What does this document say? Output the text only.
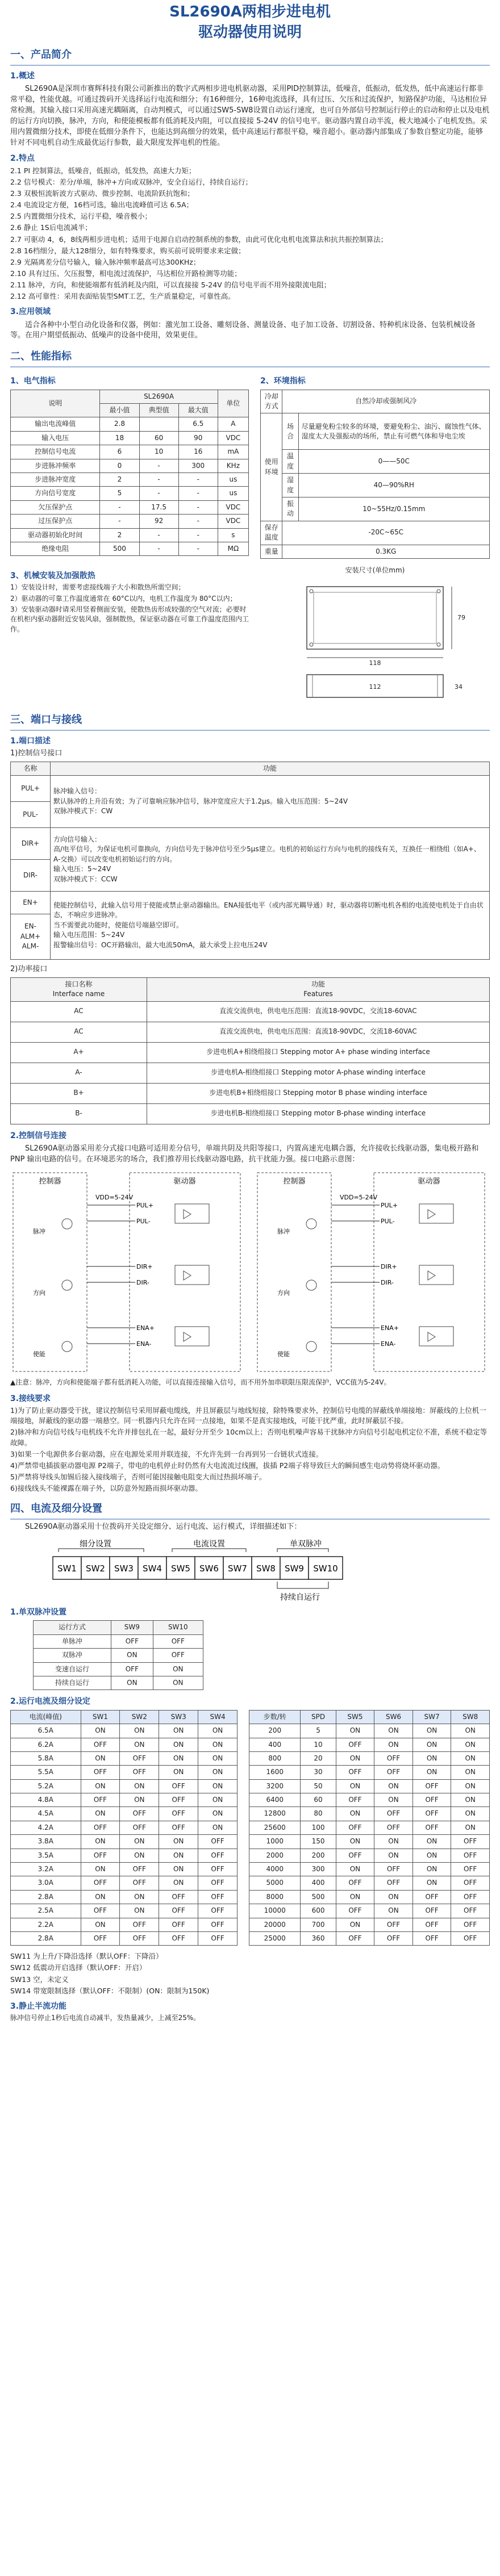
SL2690A两相步进电机
驱动器使用说明
一、产品简介
1.概述
SL2690A是深圳市赛辉科技有限公司新推出的数字式两相步进电机驱动器，采用PID控制算法，低噪音，低振动，低发热，低中高速运行都非常平稳，性能优越。可通过拨码开关选择运行电流和细分；有16种细分，16种电流选择，具有过压、欠压和过流保护，短路保护功能，马达相位异常检测。其输入接口采用高速光耦隔离，自动判模式，可以通过SW5-SW8设置自动运行速度，也可自外部信号控制运行停止的启动和停止以及电机的运行方向切换，脉冲，方向，和使能模板都有低消耗及内阻，可以直接接 5-24V 的信号电平。驱动器内置自动半流，极大地减小了电机发热。采用内置微细分技术，即使在低细分条件下，也能达到高细分的效果，低中高速运行都很平稳，噪音超小。驱动器内部集成了参数自整定功能，能够针对不同电机自动生成最优运行参数，最大限度发挥电机的性能。
2.特点
2.1 PI 控制算法，低噪音，低振动，低发热，高速大力矩；
2.2 信号模式：差分/单端，脉冲+方向或双脉冲，安全自运行，持续自运行；
2.3 双极恒流斩波方式驱动、微步控制、电流阶跃抗饱和；
2.4 电流设定方便，16档可选，输出电流峰值可达 6.5A；
2.5 内置微细分技术，运行平稳，噪音极小；
2.6 静止 1S后电流减半；
2.7 可驱动 4，6，8线两相步进电机；适用于电源自启动控制系统的参数，由此可优化电机电流算法和抗共振控制算法；
2.8 16档细分，最大128细分，如有特殊要求，购买前可说明要求来定做；
2.9 光隔离差分信号输入，输入脉冲频率最高可达300KHz；
2.10 具有过压、欠压报警，相电流过流保护，马达相位开路检测等功能；
2.11 脉冲，方向，和使能端都有低消耗及内阻，可以直接接 5-24V 的信号电平而不用外接限流电阻；
2.12 高可靠性：采用表面贴装型SMT工艺，生产质量稳定，可靠性高。
3.应用领域
适合各种中小型自动化设备和仪器，例如：激光加工设备、雕刻设备、测量设备、电子加工设备、切割设备、特种机床设备、包装机械设备等。在用户期望低振动、低噪声的设备中使用，效果更佳。
二、性能指标
1、电气指标
说明	SL2690A			单位
	最小值	典型值	最大值	
输出电流峰值	2.8		6.5	A
输入电压	18	60	90	VDC
控制信号电流	6	10	16	mA
步进脉冲频率	0	-	300	KHz
步进脉冲宽度	2	-	-	us
方向信号宽度	5	-	-	us
欠压保护点	-	17.5	-	VDC
过压保护点	-	92	-	VDC
驱动器初始化时间	2	-	-	s
绝缘电阻	500	-	-	MΩ
2、环境指标
冷却方式	自然冷却或强制风冷	
使用环境	场合	尽量避免粉尘较多的环境，要避免粉尘、油污、腐蚀性气体、湿度太大及强振动的场所，禁止有可燃气体和导电尘埃
	温度	0——50C
	湿度	40—90%RH
	振动	10~55Hz/0.15mm
保存温度	-20C~65C	
重量	0.3KG	
3、机械安装及加强散热
1）安装设计时，需要考虑接线端子大小和散热所需空间；
2）驱动器的可靠工作温度通常在 60°C以内，电机工作温度为 80°C以内；
3）安装驱动器时请采用竖着侧面安装，使散热齿形成较强的空气对流；必要时在机柜内驱动器附近安装风扇，强制散热，保证驱动器在可靠工作温度范围内工作。
安装尺寸(单位mm)
118
79
112	34
三、端口与接线
1.端口描述
1)控制信号接口
名称	功能
PUL+	脉冲输入信号：
默认脉冲的上升沿有效；为了可靠响应脉冲信号，脉冲宽度应大于1.2μs。输入电压范围：5~24V
双脉冲模式下：CW
PUL-	
DIR+	方向信号输入：
高/电平信号，为保证电机可靠换向，方向信号先于脉冲信号至少5μs建立。电机的初始运行方向与电机的接线有关，互换任一相绕组（如A+、A-交换）可以改变电机初始运行的方向。
输入电压：5~24V
双脉冲模式下：CCW
DIR-	
EN+	使能控制信号，此输入信号用于使能或禁止驱动器输出。ENA接低电平（或内部光耦导通）时，驱动器将切断电机各相的电流使电机处于自由状态，不响应步进脉冲。
当不需要此功能时，使能信号端悬空即可。
输入电压范围：5~24V
报警输出信号：OC开路输出，最大电流50mA，最大承受上拉电压24V
EN-
ALM+
ALM-	
2)功率接口
接口名称
Interface name	功能
Features
AC	直流交流供电，供电电压范围：直流18-90VDC，交流18-60VAC
AC	直流交流供电，供电电压范围：直流18-90VDC，交流18-60VAC
A+	步进电机A+相绕组接口 Stepping motor A+ phase winding interface
A-	步进电机A-相绕组接口 Stepping motor A-phase winding interface
B+	步进电机B+相绕组接口 Stepping motor B phase winding interface
B-	步进电机B-相绕组接口 Stepping motor B-phase winding interface
2.控制信号连接
SL2690A驱动器采用差分式接口电路可适用差分信号，单端共阴及共阳等接口，内置高速光电耦合器，允许接收长线驱动器，集电极开路和PNP 输出电路的信号。在环境恶劣的场合，我们推荐用长线驱动器电路，抗干扰能力强。接口电路示意图：
控制器	驱动器
VDD=5-24V
PUL+
PUL-
DIR+
DIR-
ENA+
ENA-
脉冲
方向
使能
控制器	驱动器
VDD=5-24V
PUL+
PUL-
DIR+
DIR-
ENA+
ENA-
脉冲
方向
使能
▲注意：脉冲，方向和使能端子都有低消耗入功能，可以直接连接输入信号，而不用外加串联限压限流保护，VCC值为5-24V。
3.接线要求
1)为了防止驱动器受干扰，建议控制信号采用屏蔽电缆线，并且屏蔽层与地线短接，除特殊要求外，控制信号电缆的屏蔽线单端接地：屏蔽线的上位机一端接地，屏蔽线的驱动器一端悬空。同一机器内只允许在同一点接地，如果不是真实接地线，可能干扰严重，此时屏蔽层不接。
2)脉冲和方向信号线与电机线不允许并排包扎在一起，最好分开至少 10cm以上；否则电机噪声容易干扰脉冲方向信号引起电机定位不准，系统不稳定等故障。
3)如果一个电源供多台驱动器，应在电源处采用并联连接，不允许先到一台再到另一台链状式连接。
4)严禁带电插拔驱动器电源 P2端子，带电的电机停止时仍然有大电流流过线圈，拔插 P2端子将导致巨大的瞬间感生电动势将烧坏驱动器。
5)严禁将导线头加锡后接入接线端子，否则可能因接触电阻变大而过热损坏端子。
6)接线线头不能裸露在端子外，以防意外短路而损坏驱动器。
四、电流及细分设置
SL2690A驱动器采用十位拨码开关设定细分、运行电流、运行模式，详细描述如下：
细分设置	电流设置	单双脉冲
持续自运行
SW1 SW2 SW3 SW4 SW5 SW6 SW7 SW8 SW9 SW10
1.单双脉冲设置
运行方式	SW9	SW10
单脉冲	OFF	OFF
双脉冲	ON	OFF
变速自运行	OFF	ON
持续自运行	ON	ON
2.运行电流及细分设定
电流(峰值)	SW1	SW2	SW3	SW4
6.5A	ON	ON	ON	ON
6.2A	OFF	ON	ON	ON
5.8A	ON	OFF	ON	ON
5.5A	OFF	OFF	ON	ON
5.2A	ON	ON	OFF	ON
4.8A	OFF	ON	OFF	ON
4.5A	ON	OFF	OFF	ON
4.2A	OFF	OFF	OFF	ON
3.8A	ON	ON	ON	OFF
3.5A	OFF	ON	ON	OFF
3.2A	ON	OFF	ON	OFF
3.0A	OFF	OFF	ON	OFF
2.8A	ON	ON	OFF	OFF
2.5A	OFF	ON	OFF	OFF
2.2A	ON	OFF	OFF	OFF
2.8A	OFF	OFF	OFF	OFF
步数/转	SPD	SW5	SW6	SW7	SW8
200	5	ON	ON	ON	ON
400	10	OFF	ON	ON	ON
800	20	ON	OFF	ON	ON
1600	30	OFF	OFF	ON	ON
3200	50	ON	ON	OFF	ON
6400	60	OFF	ON	OFF	ON
12800	80	ON	OFF	OFF	ON
25600	100	OFF	OFF	OFF	ON
1000	150	ON	ON	ON	OFF
2000	200	OFF	ON	ON	OFF
4000	300	ON	OFF	ON	OFF
5000	400	OFF	OFF	ON	OFF
8000	500	ON	ON	OFF	OFF
10000	600	OFF	ON	OFF	OFF
20000	700	ON	OFF	OFF	OFF
25000	360	OFF	OFF	OFF	OFF
SW11 为上升/下降沿选择（默认OFF：下降沿）
SW12 低震动开启选择（默认OFF：开启）
SW13 空，未定义
SW14 带宽限制选择（默认OFF：不限制）(ON：限制为150K)
3.静止半流功能
脉冲信号停止1秒后电流自动减半，发热量减少，上减至25%。
